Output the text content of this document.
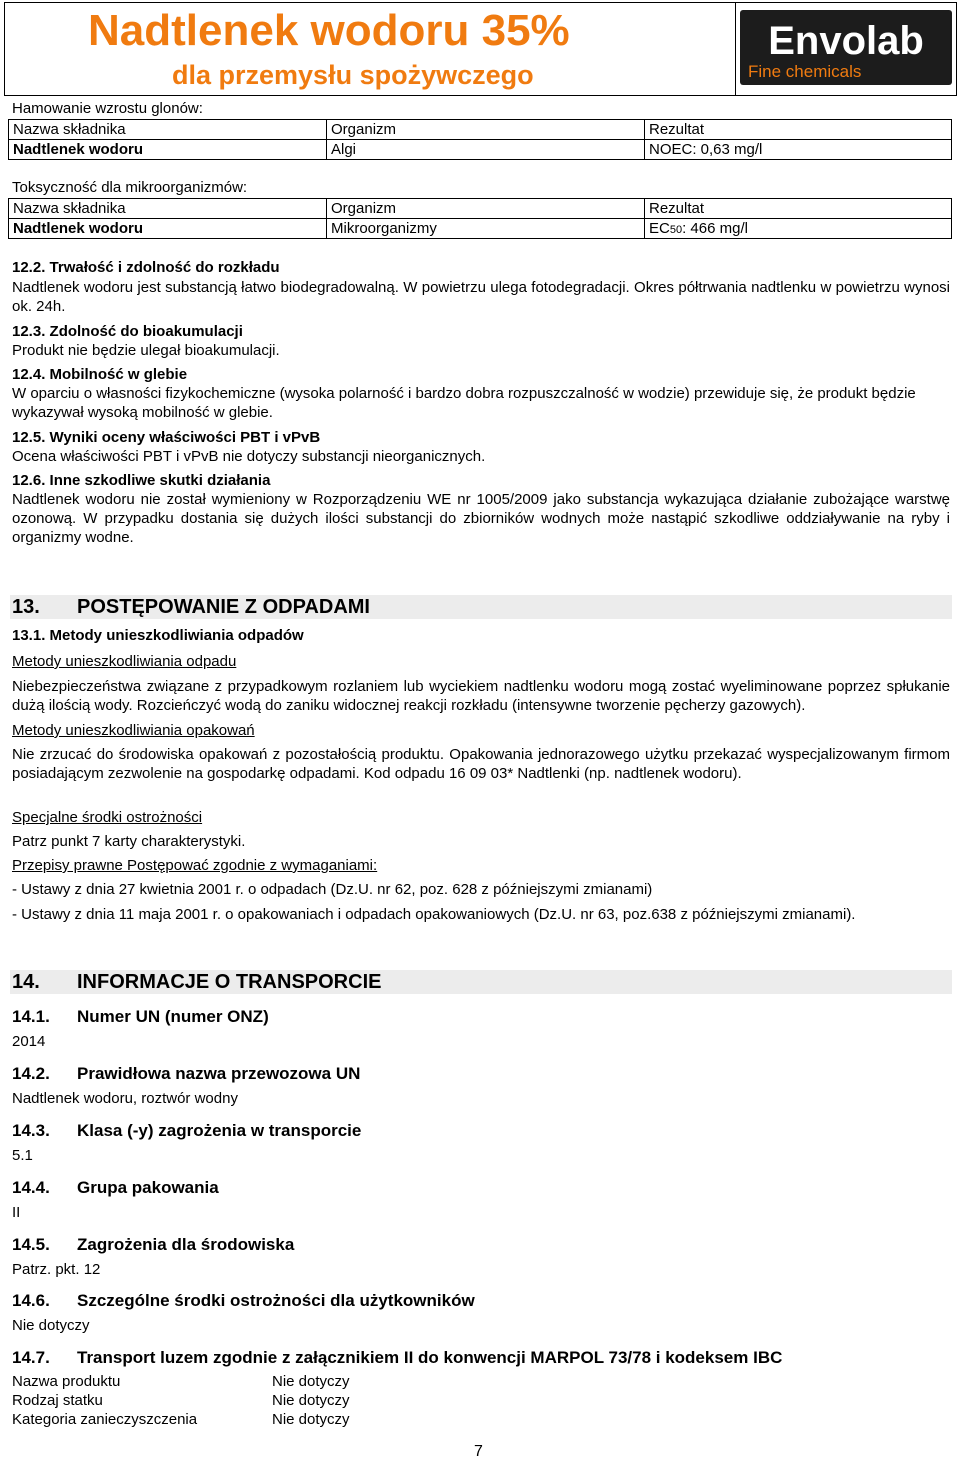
Nadtlenek wodoru 35%
dla przemysłu spożywczego
Envolab
Fine chemicals
Hamowanie wzrostu glonów:
Nazwa składnika	Organizm	Rezultat
Nadtlenek wodoru	Algi	NOEC: 0,63 mg/l
Toksyczność dla mikroorganizmów:
Nazwa składnika	Organizm	Rezultat
Nadtlenek wodoru	Mikroorganizmy	EC50: 466 mg/l
12.2. Trwałość i zdolność do rozkładu
Nadtlenek wodoru jest substancją łatwo biodegradowalną. W powietrzu ulega fotodegradacji. Okres półtrwania nadtlenku w powietrzu wynosi ok. 24h.
12.3. Zdolność do bioakumulacji
Produkt nie będzie ulegał bioakumulacji.
12.4. Mobilność w glebie
W oparciu o własności fizykochemiczne (wysoka polarność i bardzo dobra rozpuszczalność w wodzie) przewiduje się, że produkt będzie wykazywał wysoką mobilność w glebie.
12.5. Wyniki oceny właściwości PBT i vPvB
Ocena właściwości PBT i vPvB nie dotyczy substancji nieorganicznych.
12.6. Inne szkodliwe skutki działania
Nadtlenek wodoru nie został wymieniony w Rozporządzeniu WE nr 1005/2009 jako substancja wykazująca działanie zubożające warstwę ozonową. W przypadku dostania się dużych ilości substancji do zbiorników wodnych może nastąpić szkodliwe oddziaływanie na ryby i organizmy wodne.
13. POSTĘPOWANIE Z ODPADAMI
13.1. Metody unieszkodliwiania odpadów
Metody unieszkodliwiania odpadu
Niebezpieczeństwa związane z przypadkowym rozlaniem lub wyciekiem nadtlenku wodoru mogą zostać wyeliminowane poprzez spłukanie dużą ilością wody. Rozcieńczyć wodą do zaniku widocznej reakcji rozkładu (intensywne tworzenie pęcherzy gazowych).
Metody unieszkodliwiania opakowań
Nie zrzucać do środowiska opakowań z pozostałością produktu. Opakowania jednorazowego użytku przekazać wyspecjalizowanym firmom posiadającym zezwolenie na gospodarkę odpadami. Kod odpadu 16 09 03* Nadtlenki (np. nadtlenek wodoru).
Specjalne środki ostrożności
Patrz punkt 7 karty charakterystyki.
Przepisy prawne Postępować zgodnie z wymaganiami:
- Ustawy z dnia 27 kwietnia 2001 r. o odpadach (Dz.U. nr 62, poz. 628 z późniejszymi zmianami)
- Ustawy z dnia 11 maja 2001 r. o opakowaniach i odpadach opakowaniowych (Dz.U. nr 63, poz.638 z późniejszymi zmianami).
14. INFORMACJE O TRANSPORCIE
14.1. Numer UN (numer ONZ)
2014
14.2. Prawidłowa nazwa przewozowa UN
Nadtlenek wodoru, roztwór wodny
14.3. Klasa (-y) zagrożenia w transporcie
5.1
14.4. Grupa pakowania
II
14.5. Zagrożenia dla środowiska
Patrz. pkt. 12
14.6. Szczególne środki ostrożności dla użytkowników
Nie dotyczy
14.7. Transport luzem zgodnie z załącznikiem II do konwencji MARPOL 73/78 i kodeksem IBC
Nazwa produktu	Nie dotyczy
Rodzaj statku	Nie dotyczy
Kategoria zanieczyszczenia	Nie dotyczy
7
